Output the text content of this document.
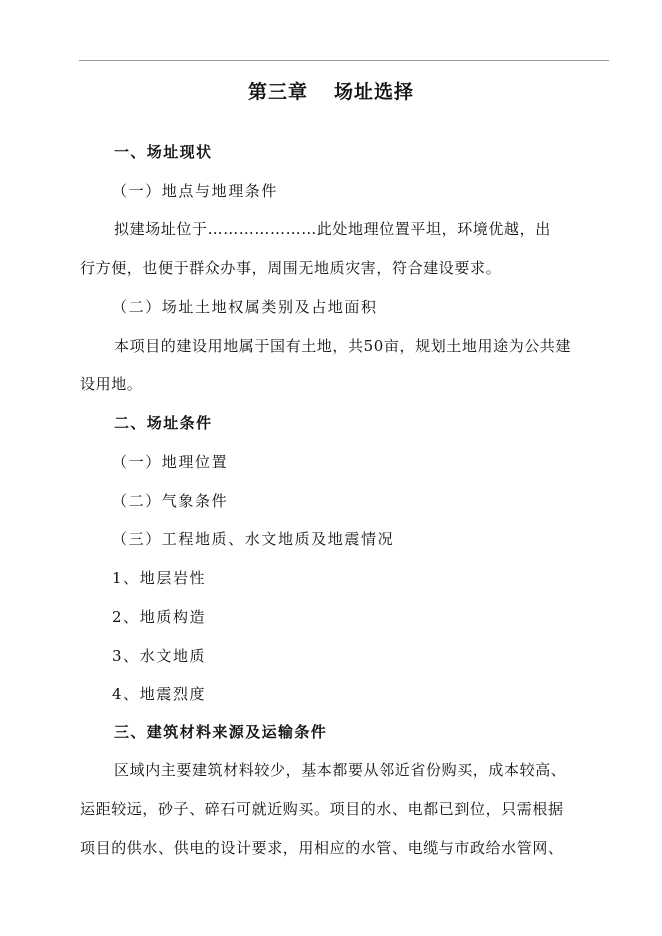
第三章 场址选择
一、场址现状
（一）地点与地理条件
拟建场址位于…………………此处地理位置平坦，环境优越，出
行方便，也便于群众办事，周围无地质灾害，符合建设要求。
（二）场址土地权属类别及占地面积
本项目的建设用地属于国有土地，共50亩，规划土地用途为公共建
设用地。
二、场址条件
（一）地理位置
（二）气象条件
（三）工程地质、水文地质及地震情况
1、地层岩性
2、地质构造
3、水文地质
4、地震烈度
三、建筑材料来源及运输条件
区域内主要建筑材料较少，基本都要从邻近省份购买，成本较高、
运距较远，砂子、碎石可就近购买。项目的水、电都已到位，只需根据
项目的供水、供电的设计要求，用相应的水管、电缆与市政给水管网、
